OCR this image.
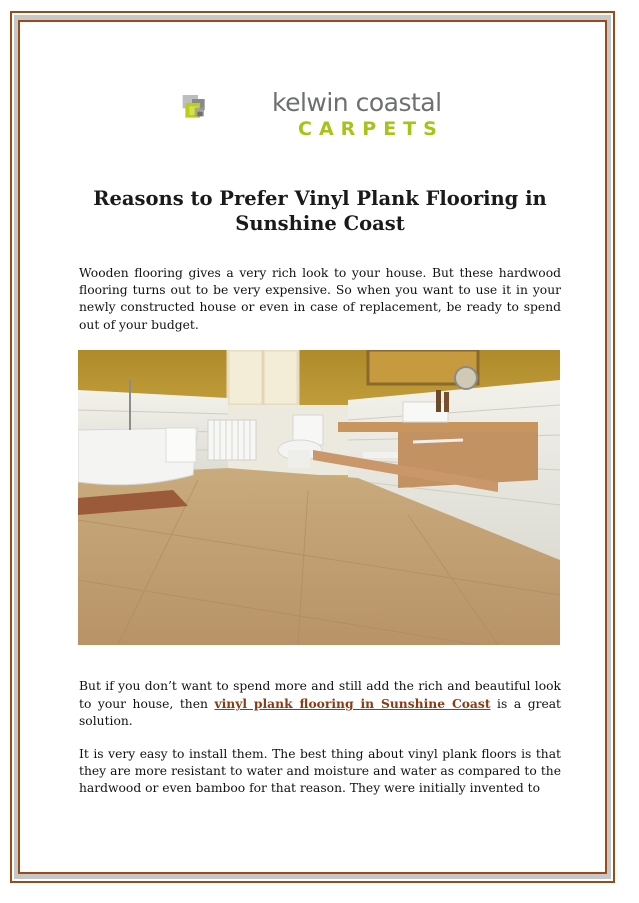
kelwin coastal
CARPETS
Reasons to Prefer Vinyl Plank Flooring in Sunshine Coast

Wooden flooring gives a very rich look to your house. But these hardwood flooring turns out to be very expensive. So when you want to use it in your newly constructed house or even in case of replacement, be ready to spend out of your budget.

But if you don’t want to spend more and still add the rich and beautiful look to your house, then vinyl plank flooring in Sunshine Coast is a great solution.

It is very easy to install them. The best thing about vinyl plank floors is that they are more resistant to water and moisture and water as compared to the hardwood or even bamboo for that reason. They were initially invented to
